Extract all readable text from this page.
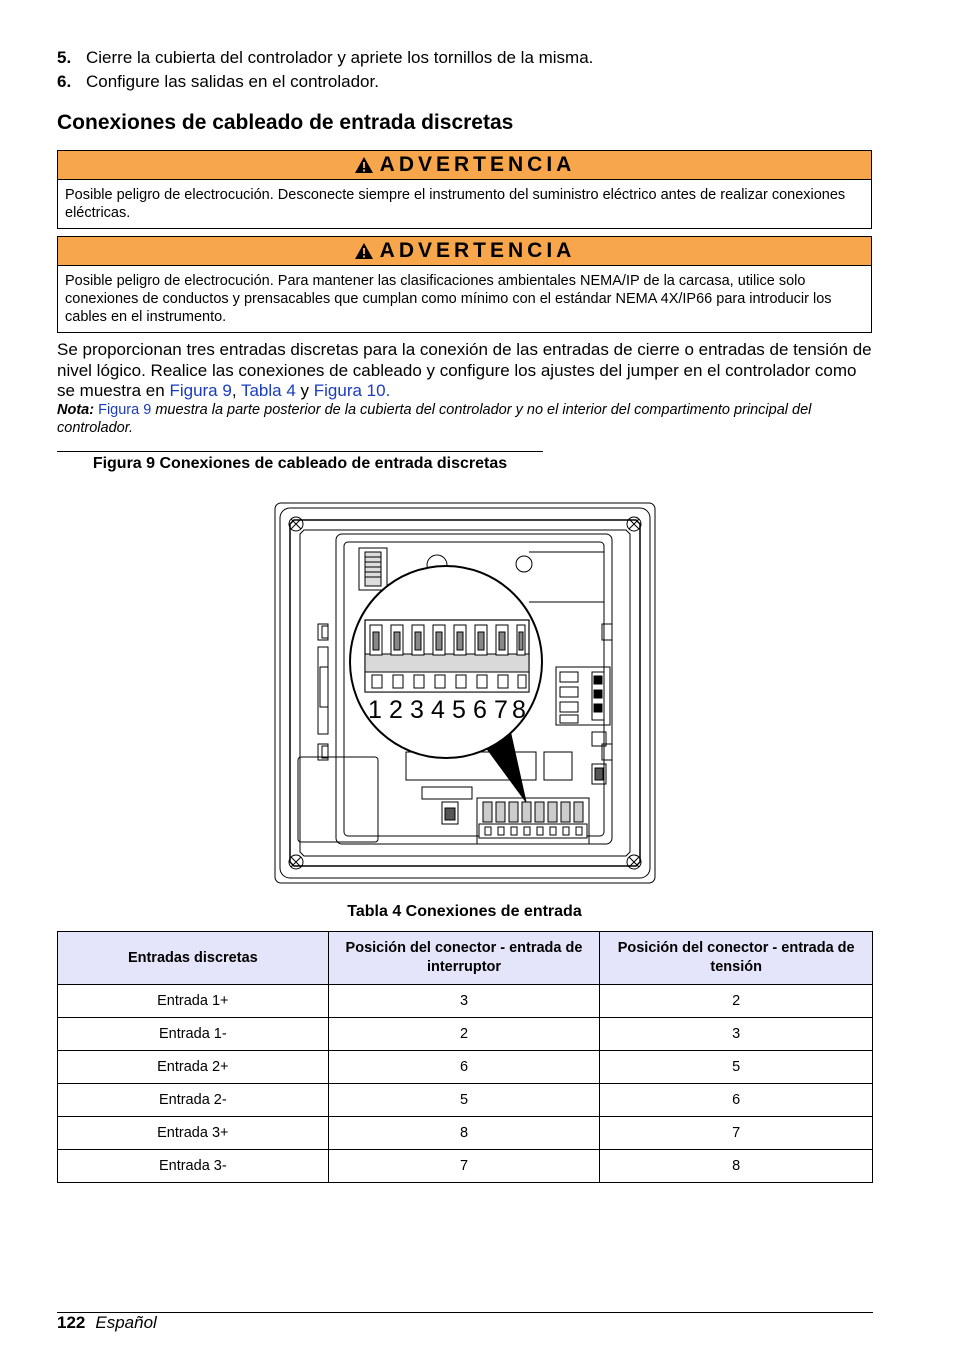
5. Cierre la cubierta del controlador y apriete los tornillos de la misma.
6. Configure las salidas en el controlador.
Conexiones de cableado de entrada discretas
ADVERTENCIA
Posible peligro de electrocución. Desconecte siempre el instrumento del suministro eléctrico antes de realizar conexiones eléctricas.
ADVERTENCIA
Posible peligro de electrocución. Para mantener las clasificaciones ambientales NEMA/IP de la carcasa, utilice solo conexiones de conductos y prensacables que cumplan como mínimo con el estándar NEMA 4X/IP66 para introducir los cables en el instrumento.

Se proporcionan tres entradas discretas para la conexión de las entradas de cierre o entradas de tensión de nivel lógico. Realice las conexiones de cableado y configure los ajustes del jumper en el controlador como se muestra en Figura 9, Tabla 4 y Figura 10.

Nota: Figura 9 muestra la parte posterior de la cubierta del controlador y no el interior del compartimento principal del controlador.

Figura 9 Conexiones de cableado de entrada discretas
1 2 3 4 5 6 7 8
Tabla 4 Conexiones de entrada
Entradas discretas	Posición del conector - entrada de interruptor	Posición del conector - entrada de tensión
Entrada 1+	3	2
Entrada 1-	2	3
Entrada 2+	6	5
Entrada 2-	5	6
Entrada 3+	8	7
Entrada 3-	7	8
122 Español
